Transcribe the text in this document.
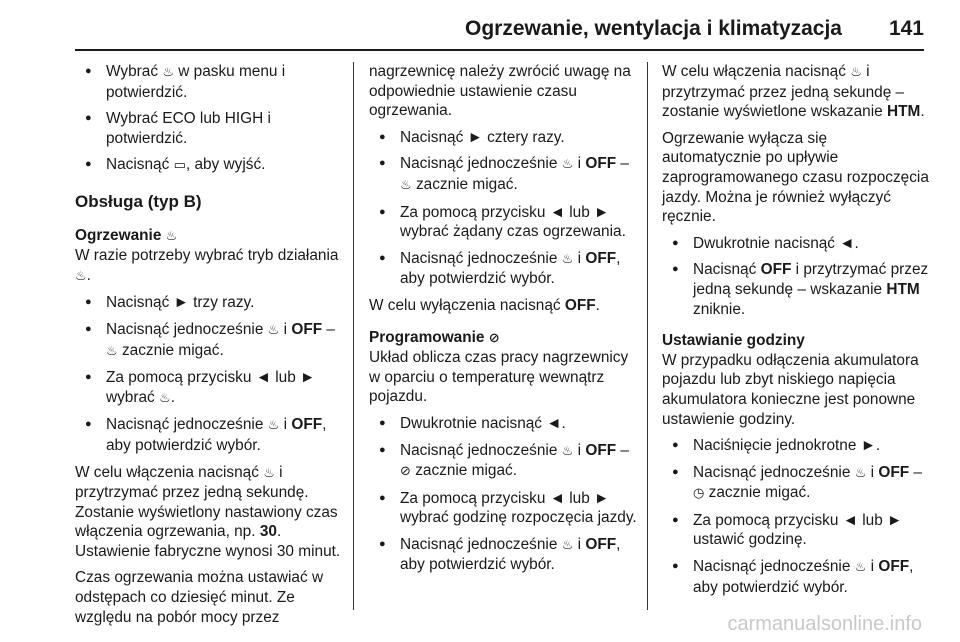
Ogrzewanie, wentylacja i klimatyzacja 141
● Wybrać ♨ w pasku menu i potwierdzić.
● Wybrać ECO lub HIGH i potwierdzić.
● Nacisnąć ▭, aby wyjść.
Obsługa (typ B)
Ogrzewanie ♨

W razie potrzeby wybrać tryb działania ♨.

● Nacisnąć ► trzy razy.
● Nacisnąć jednocześnie ♨ i OFF – ♨ zacznie migać.
● Za pomocą przycisku ◄ lub ► wybrać ♨.
● Nacisnąć jednocześnie ♨ i OFF, aby potwierdzić wybór.

W celu włączenia nacisnąć ♨ i przytrzymać przez jedną sekundę. Zostanie wyświetlony nastawiony czas włączenia ogrzewania, np. 30. Ustawienie fabryczne wynosi 30 minut.

Czas ogrzewania można ustawiać w odstępach co dziesięć minut. Ze względu na pobór mocy przez

nagrzewnicę należy zwrócić uwagę na odpowiednie ustawienie czasu ogrzewania.

● Nacisnąć ► cztery razy.
● Nacisnąć jednocześnie ♨ i OFF – ♨ zacznie migać.
● Za pomocą przycisku ◄ lub ► wybrać żądany czas ogrzewania.
● Nacisnąć jednocześnie ♨ i OFF, aby potwierdzić wybór.

W celu wyłączenia nacisnąć OFF.

Programowanie ⊘

Układ oblicza czas pracy nagrzewnicy w oparciu o temperaturę wewnątrz pojazdu.

● Dwukrotnie nacisnąć ◄.
● Nacisnąć jednocześnie ♨ i OFF – ⊘ zacznie migać.
● Za pomocą przycisku ◄ lub ► wybrać godzinę rozpoczęcia jazdy.
● Nacisnąć jednocześnie ♨ i OFF, aby potwierdzić wybór.

W celu włączenia nacisnąć ♨ i przytrzymać przez jedną sekundę – zostanie wyświetlone wskazanie HTM.

Ogrzewanie wyłącza się automatycznie po upływie zaprogramowanego czasu rozpoczęcia jazdy. Można je również wyłączyć ręcznie.

● Dwukrotnie nacisnąć ◄.
● Nacisnąć OFF i przytrzymać przez jedną sekundę – wskazanie HTM zniknie.
Ustawianie godziny

W przypadku odłączenia akumulatora pojazdu lub zbyt niskiego napięcia akumulatora konieczne jest ponowne ustawienie godziny.

● Naciśnięcie jednokrotne ►.
● Nacisnąć jednocześnie ♨ i OFF – ◷ zacznie migać.
● Za pomocą przycisku ◄ lub ► ustawić godzinę.
● Nacisnąć jednocześnie ♨ i OFF, aby potwierdzić wybór.
carmanualsonline.info
